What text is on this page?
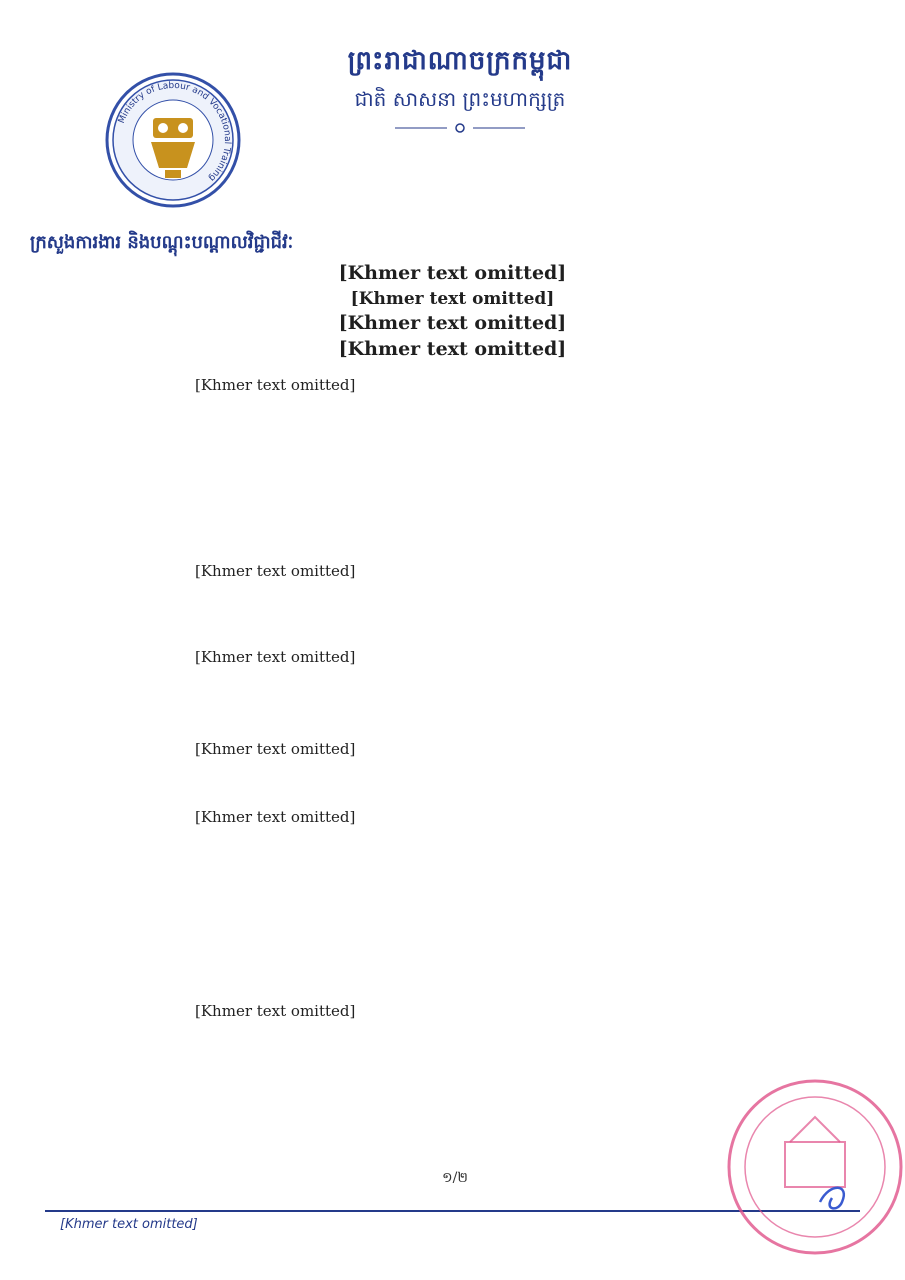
ព្រះរាជាណាចក្រកម្ពុជា
ជាតិ សាសនា ព្រះមហាក្សត្រ
Ministry of Labour and Vocational Training
ក្រសួងការងារ និងបណ្តុះបណ្តាលវិជ្ជាជីវៈ
[Khmer text omitted]
[Khmer text omitted]
[Khmer text omitted]
[Khmer text omitted]
[Khmer text omitted]
[Khmer text omitted]
[Khmer text omitted]
[Khmer text omitted]
[Khmer text omitted]
[Khmer text omitted]
១/២
[Khmer text omitted]
